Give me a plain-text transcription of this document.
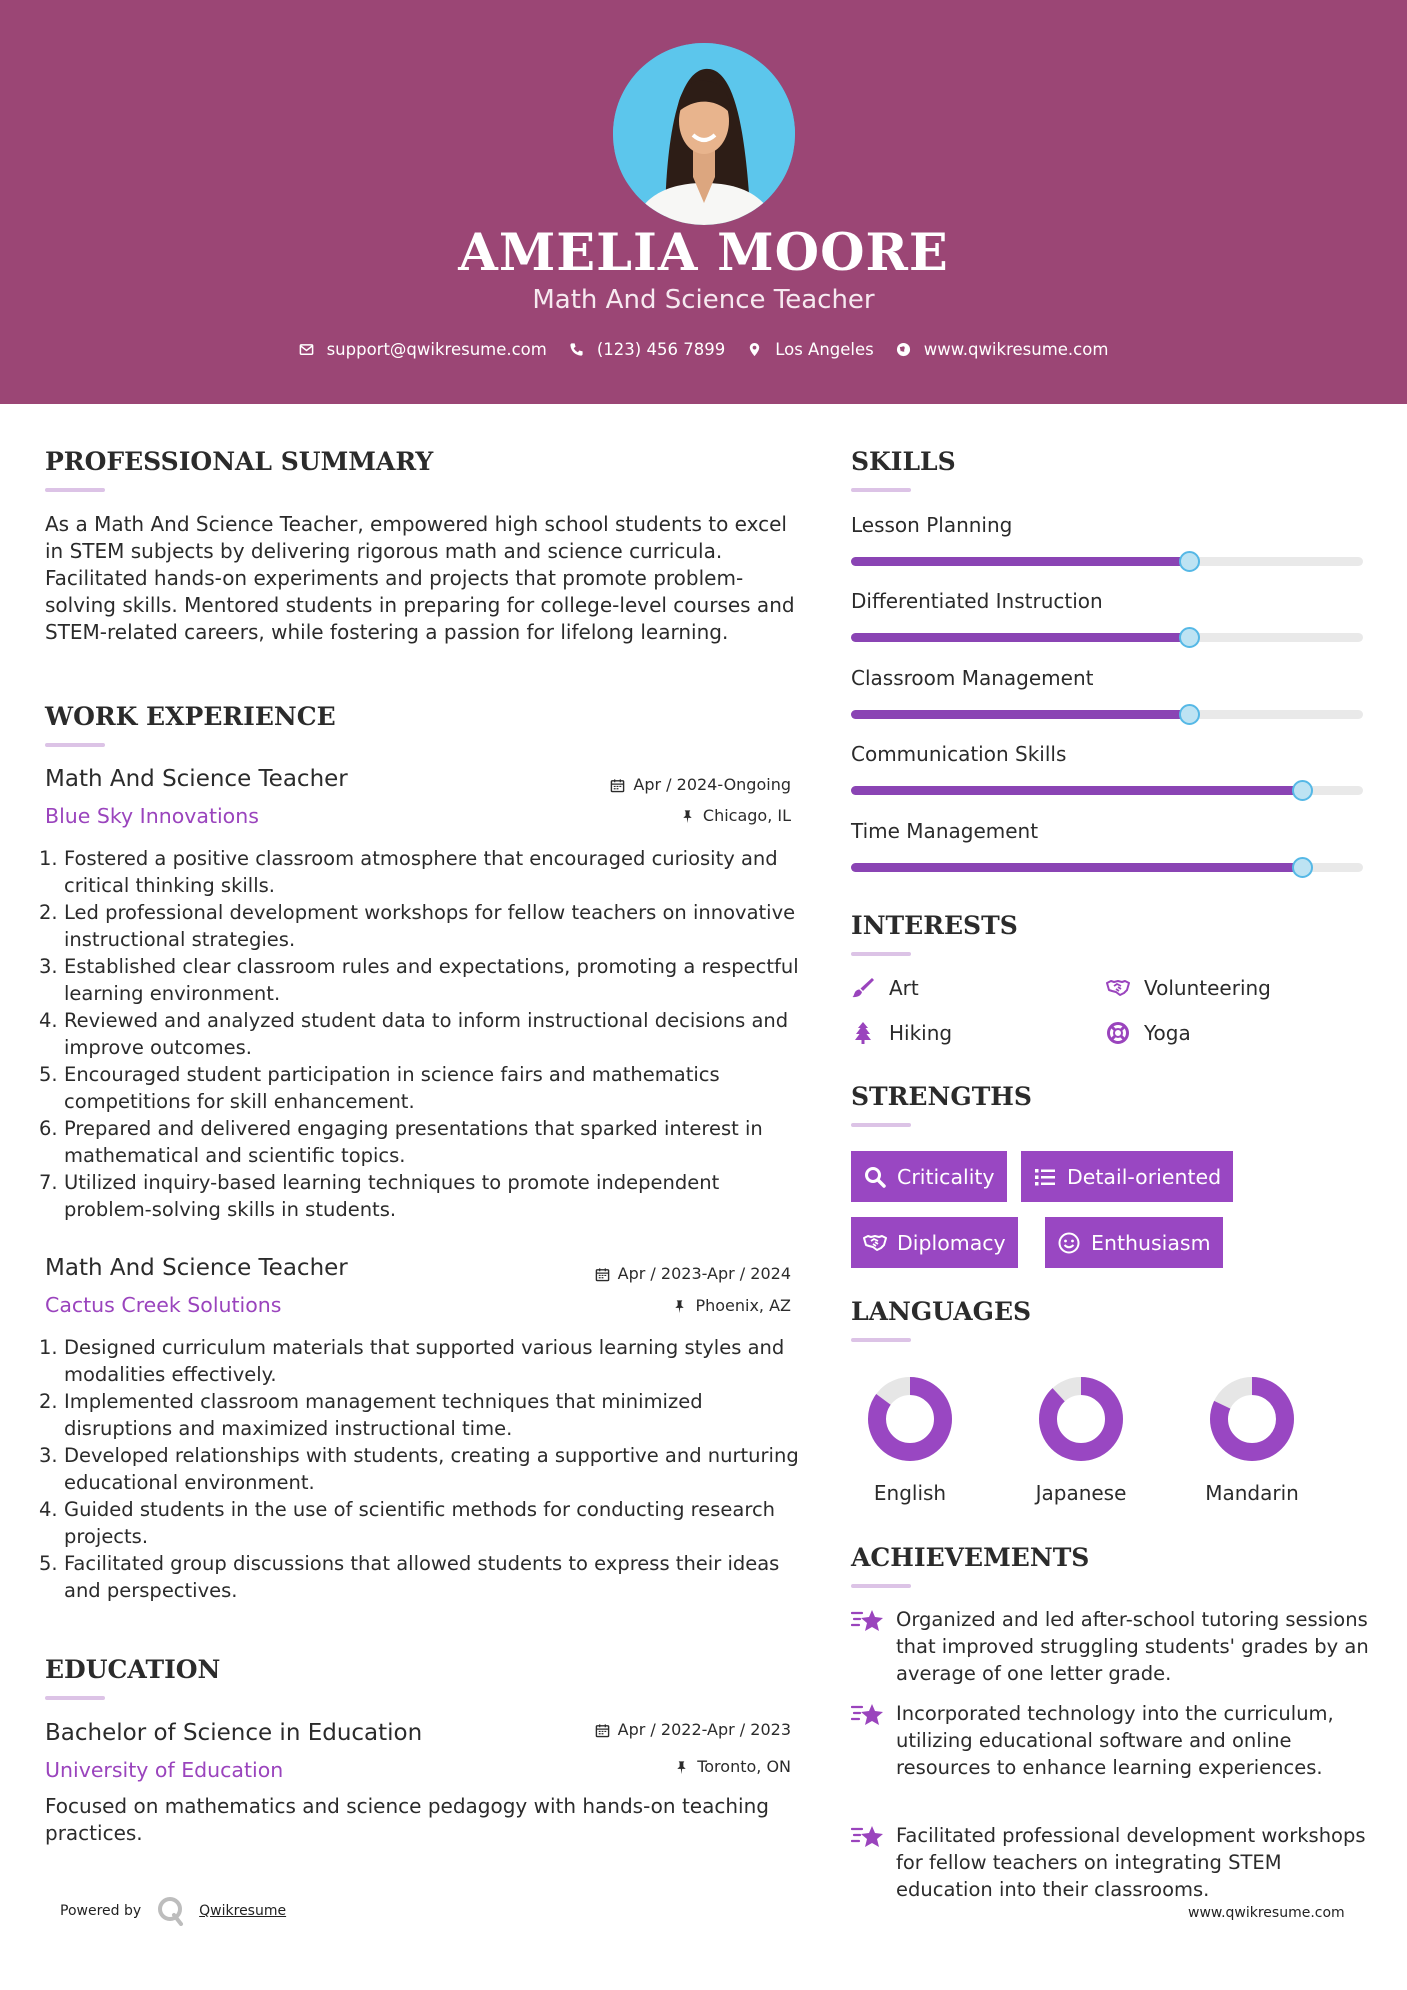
AMELIA MOORE
Math And Science Teacher
support@qwikresume.com	(123) 456 7899	Los Angeles	www.qwikresume.com
PROFESSIONAL SUMMARY
As a Math And Science Teacher, empowered high school students to excel in STEM subjects by delivering rigorous math and science curricula. Facilitated hands-on experiments and projects that promote problem-solving skills. Mentored students in preparing for college-level courses and STEM-related careers, while fostering a passion for lifelong learning.
WORK EXPERIENCE
Math And Science Teacher
Blue Sky Innovations
Apr / 2024-Ongoing
Chicago, IL
Fostered a positive classroom atmosphere that encouraged curiosity and critical thinking skills.
Led professional development workshops for fellow teachers on innovative instructional strategies.
Established clear classroom rules and expectations, promoting a respectful learning environment.
Reviewed and analyzed student data to inform instructional decisions and improve outcomes.
Encouraged student participation in science fairs and mathematics competitions for skill enhancement.
Prepared and delivered engaging presentations that sparked interest in mathematical and scientific topics.
Utilized inquiry-based learning techniques to promote independent problem-solving skills in students.
Math And Science Teacher
Cactus Creek Solutions
Apr / 2023-Apr / 2024
Phoenix, AZ
Designed curriculum materials that supported various learning styles and modalities effectively.
Implemented classroom management techniques that minimized disruptions and maximized instructional time.
Developed relationships with students, creating a supportive and nurturing educational environment.
Guided students in the use of scientific methods for conducting research projects.
Facilitated group discussions that allowed students to express their ideas and perspectives.
EDUCATION
Bachelor of Science in Education
University of Education
Apr / 2022-Apr / 2023
Toronto, ON
Focused on mathematics and science pedagogy with hands-on teaching practices.
SKILLS
Lesson Planning
Differentiated Instruction
Classroom Management
Communication Skills
Time Management
INTERESTS
Art	Volunteering
Hiking	Yoga
STRENGTHS
Criticality	Detail-oriented
Diplomacy	Enthusiasm
LANGUAGES
English	Japanese	Mandarin
ACHIEVEMENTS
Organized and led after-school tutoring sessions that improved struggling students' grades by an average of one letter grade.
Incorporated technology into the curriculum, utilizing educational software and online resources to enhance learning experiences.
Facilitated professional development workshops for fellow teachers on integrating STEM education into their classrooms.
Powered by	Qwikresume	www.qwikresume.com
